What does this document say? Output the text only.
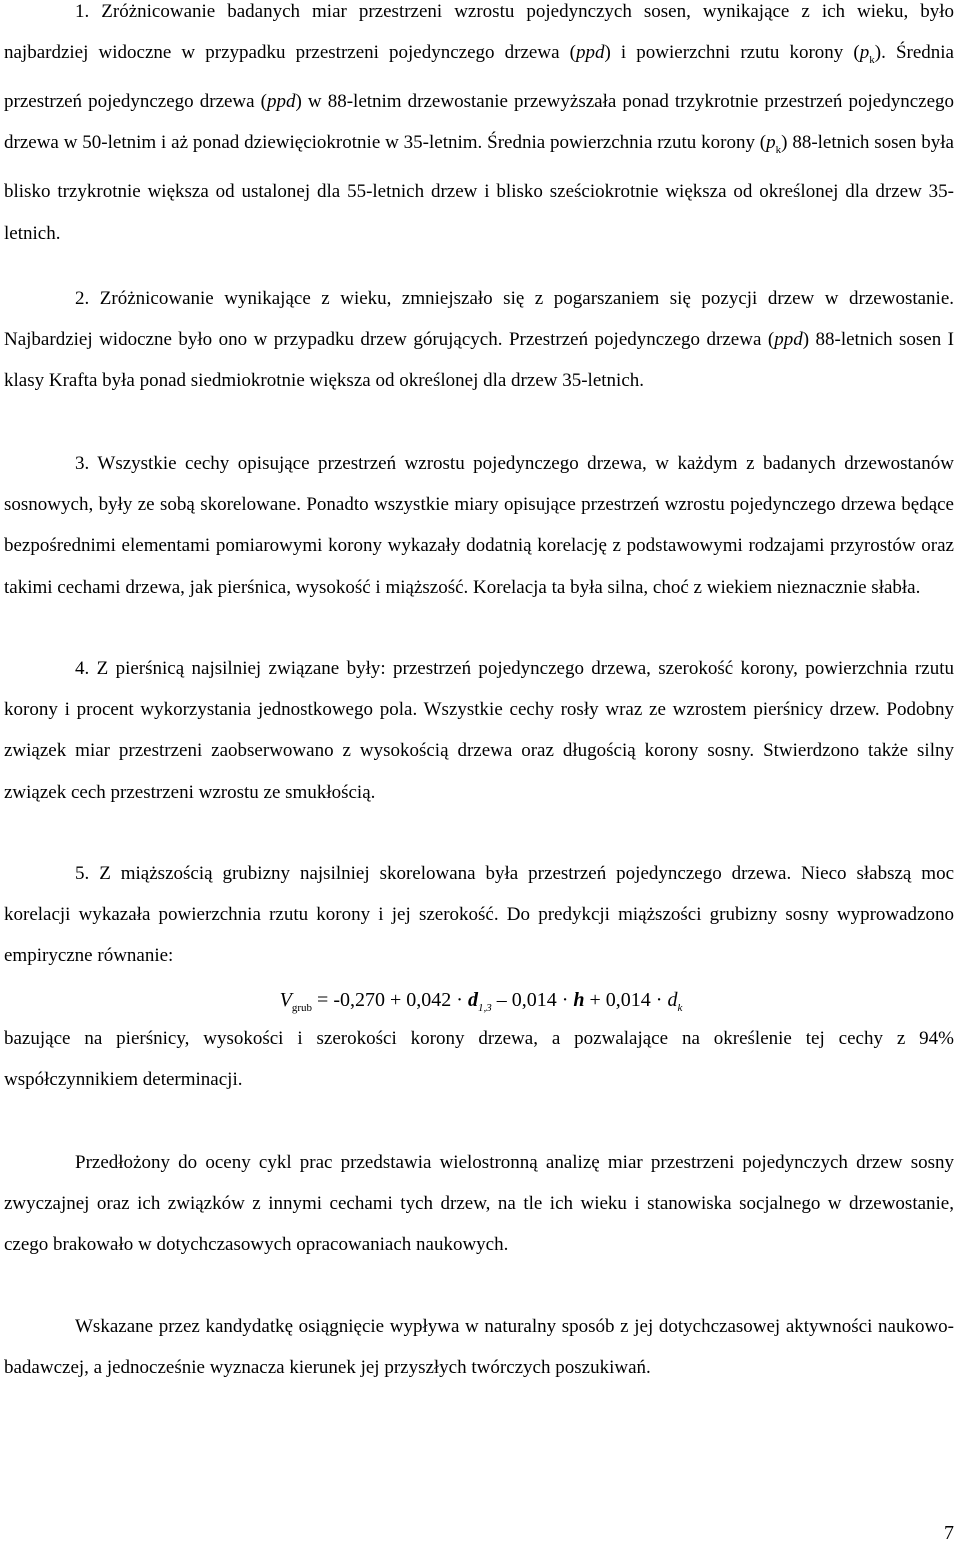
1. Zróżnicowanie badanych miar przestrzeni wzrostu pojedynczych sosen, wynikające z ich wieku, było najbardziej widoczne w przypadku przestrzeni pojedynczego drzewa (ppd) i powierzchni rzutu korony $(p_k)$. Średnia przestrzeń pojedynczego drzewa (ppd) w 88-letnim drzewostanie przewyższała ponad trzykrotnie przestrzeń pojedynczego drzewa w 50-letnim i aż ponad dziewięciokrotnie w 35-letnim. Średnia powierzchnia rzutu korony $(p_k)$ 88-letnich sosen była blisko trzykrotnie większa od ustalonej dla 55-letnich drzew i blisko sześciokrotnie większa od określonej dla drzew 35-letnich.

2. Zróżnicowanie wynikające z wieku, zmniejszało się z pogarszaniem się pozycji drzew w drzewostanie. Najbardziej widoczne było ono w przypadku drzew górujących. Przestrzeń pojedynczego drzewa (ppd) 88-letnich sosen I klasy Krafta była ponad siedmiokrotnie większa od określonej dla drzew 35-letnich.

3. Wszystkie cechy opisujące przestrzeń wzrostu pojedynczego drzewa, w każdym z badanych drzewostanów sosnowych, były ze sobą skorelowane. Ponadto wszystkie miary opisujące przestrzeń wzrostu pojedynczego drzewa będące bezpośrednimi elementami pomiarowymi korony wykazały dodatnią korelację z podstawowymi rodzajami przyrostów oraz takimi cechami drzewa, jak pierśnica, wysokość i miąższość. Korelacja ta była silna, choć z wiekiem nieznacznie słabła.

4. Z pierśnicą najsilniej związane były: przestrzeń pojedynczego drzewa, szerokość korony, powierzchnia rzutu korony i procent wykorzystania jednostkowego pola. Wszystkie cechy rosły wraz ze wzrostem pierśnicy drzew. Podobny związek miar przestrzeni zaobserwowano z wysokością drzewa oraz długością korony sosny. Stwierdzono także silny związek cech przestrzeni wzrostu ze smukłością.

5. Z miąższością grubizny najsilniej skorelowana była przestrzeń pojedynczego drzewa. Nieco słabszą moc korelacji wykazała powierzchnia rzutu korony i jej szerokość. Do predykcji miąższości grubizny sosny wyprowadzono empiryczne równanie:

$V_{grub} = -0,270 + 0,042 \cdot d_{1,3} - 0,014 \cdot h + 0,014 \cdot d_k$

bazujące na pierśnicy, wysokości i szerokości korony drzewa, a pozwalające na określenie tej cechy z 94% współczynnikiem determinacji.

Przedłożony do oceny cykl prac przedstawia wielostronną analizę miar przestrzeni pojedynczych drzew sosny zwyczajnej oraz ich związków z innymi cechami tych drzew, na tle ich wieku i stanowiska socjalnego w drzewostanie, czego brakowało w dotychczasowych opracowaniach naukowych.

Wskazane przez kandydatkę osiągnięcie wypływa w naturalny sposób z jej dotychczasowej aktywności naukowo-badawczej, a jednocześnie wyznacza kierunek jej przyszłych twórczych poszukiwań.

7
